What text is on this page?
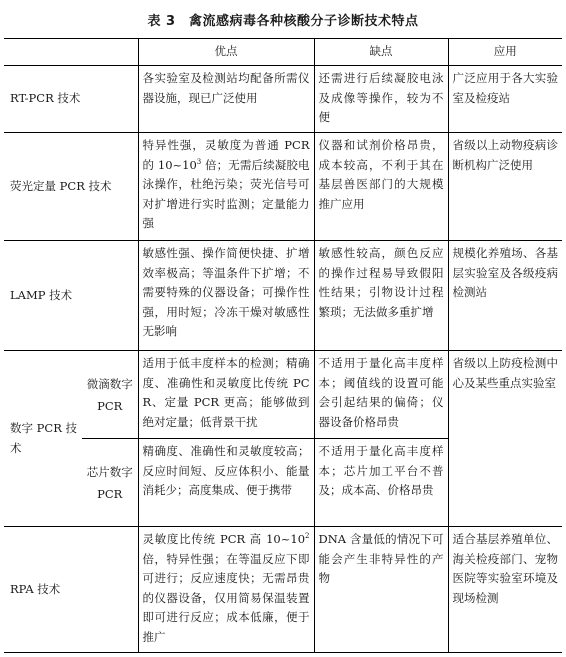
表 3　禽流感病毒各种核酸分子诊断技术特点
		优点	缺点	应用
RT-PCR 技术		各实验室及检测站均配备所需仪器设施，现已广泛使用	还需进行后续凝胶电泳及成像等操作，较为不便	广泛应用于各大实验室及检疫站
荧光定量 PCR 技术		特异性强，灵敏度为普通 PCR 的 $10\sim 10^3$ 倍；无需后续凝胶电泳操作，杜绝污染；荧光信号可对扩增进行实时监测；定量能力强	仪器和试剂价格昂贵，成本较高，不利于其在基层兽医部门的大规模推广应用	省级以上动物疫病诊断机构广泛使用
LAMP 技术		敏感性强、操作简便快捷、扩增效率极高；等温条件下扩增；不需要特殊的仪器设备；可操作性强，用时短；冷冻干燥对敏感性无影响	敏感性较高，颜色反应的操作过程易导致假阳性结果；引物设计过程繁琐；无法做多重扩增	规模化养殖场、各基层实验室及各级疫病检测站
数字 PCR 技术	微滴数字 PCR	适用于低丰度样本的检测；精确度、准确性和灵敏度比传统 PCR、定量 PCR 更高；能够做到绝对定量；低背景干扰	不适用于量化高丰度样本；阈值线的设置可能会引起结果的偏倚；仪器设备价格昂贵	省级以上防疫检测中心及某些重点实验室
	芯片数字 PCR	精确度、准确性和灵敏度较高；反应时间短、反应体积小、能量消耗少；高度集成、便于携带	不适用于量化高丰度样本；芯片加工平台不普及；成本高、价格昂贵	
RPA 技术		灵敏度比传统 PCR 高 $10\sim 10^2$ 倍，特异性强；在等温反应下即可进行；反应速度快；无需昂贵的仪器设备，仅用简易保温装置即可进行反应；成本低廉，便于推广	DNA 含量低的情况下可能会产生非特异性的产物	适合基层养殖单位、海关检疫部门、宠物医院等实验室环境及现场检测
